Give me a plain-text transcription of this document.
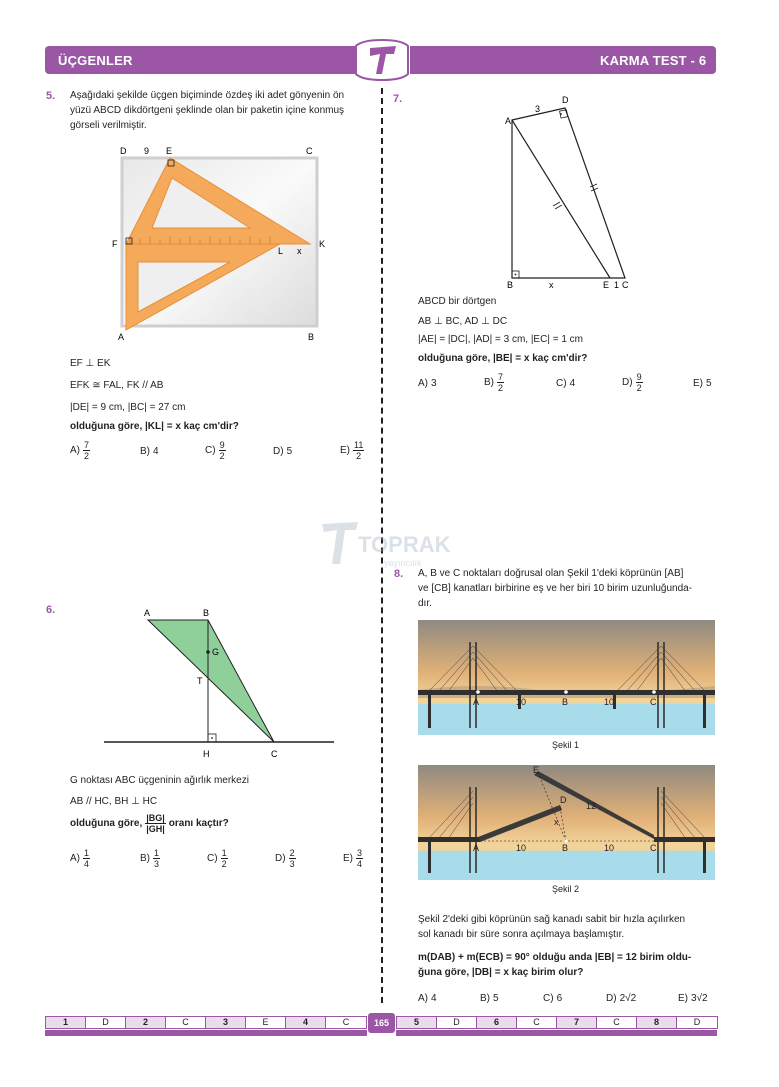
ÜÇGENLER	KARMA TEST - 6
5. Aşağıdaki şekilde üçgen biçiminde özdeş iki adet gönyenin ön
yüzü ABCD dikdörtgeni şeklinde olan bir paketin içine konmuş
görseli verilmiştir.
D 9 E	C
F	K
L x
A	B
EF ⊥ EK
EFK ≅ FAL, FK // AB
|DE| = 9 cm, |BC| = 27 cm
olduğuna göre, |KL| = x kaç cm'dir?
$A) \frac{7}{2}$	B) 4	$C) \frac{9}{2}$	D) 5	$E) \frac{11}{2}$
7.
A
3
D
B	x	E 1 C
ABCD bir dörtgen
AB ⊥ BC, AD ⊥ DC
|AE| = |DC|, |AD| = 3 cm, |EC| = 1 cm
olduğuna göre, |BE| = x kaç cm'dir?
A) 3	$B) \frac{7}{2}$	C) 4	$D) \frac{9}{2}$	E) 5
TOPRAK
yayıncılık
6.	A	B
G
T
H	C
G noktası ABC üçgeninin ağırlık merkezi
AB // HC, BH ⊥ HC
olduğuna göre, $\frac{|BG|}{|GH|}$ oranı kaçtır?
$A) \frac{1}{4}$	$B) \frac{1}{3}$	$C) \frac{1}{2}$	$D) \frac{2}{3}$	$E) \frac{3}{4}$
8. A, B ve C noktaları doğrusal olan Şekil 1'deki köprünün [AB]
ve [CB] kanatları birbirine eş ve her biri 10 birim uzunluğunda-
dır.
A	10	B	10	C
Şekil 1
E
D
12
x
A	10	B	10	C
Şekil 2
Şekil 2'deki gibi köprünün sağ kanadı sabit bir hızla açılırken
sol kanadı bir süre sonra açılmaya başlamıştır.
m(DAB) + m(ECB) = 90° olduğu anda |EB| = 12 birim oldu-
ğuna göre, |DB| = x kaç birim olur?
A) 4	B) 5	C) 6	D) 2√2	E) 3√2
1	D	2	C	3	E	4	C	165	5	D	6	C	7	C	8	D
